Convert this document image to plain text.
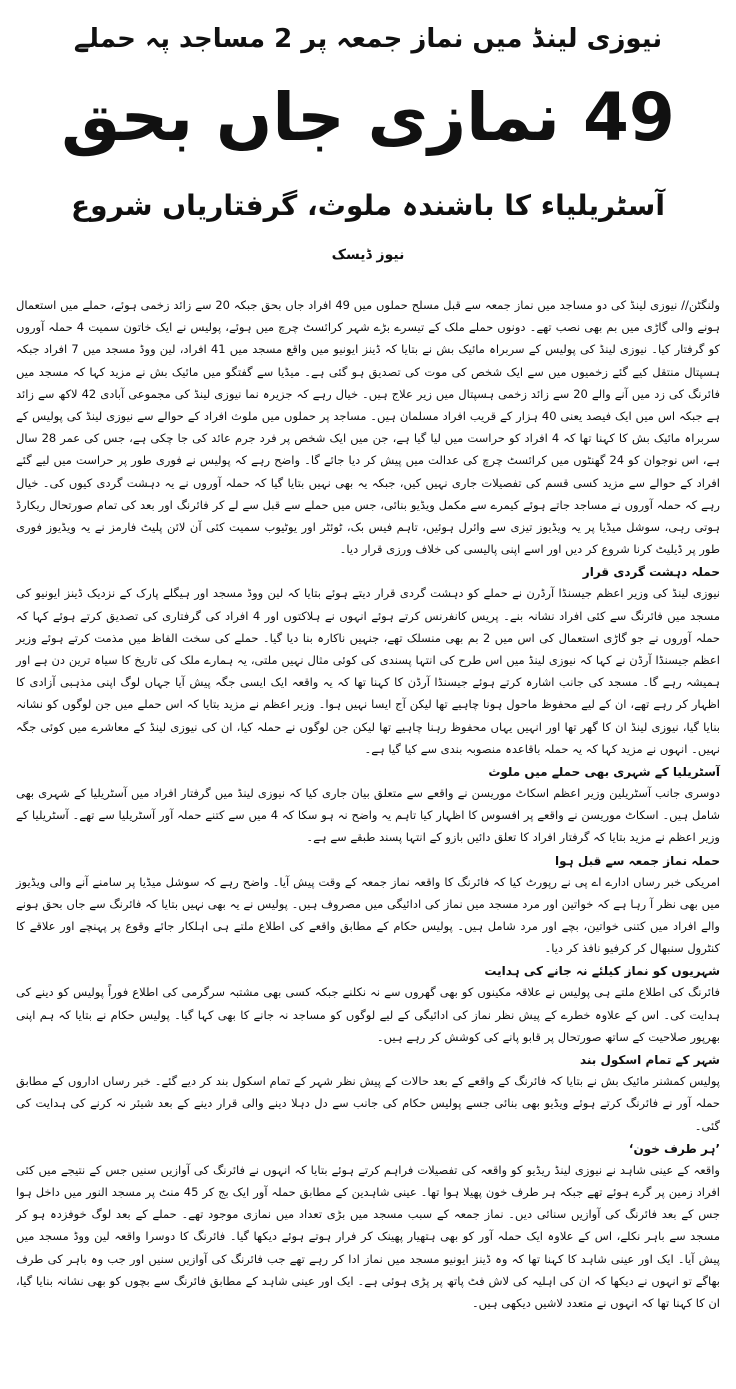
نیوزی لینڈ میں نماز جمعہ پر 2 مساجد پہ حملے
49 نمازی جاں بحق
آسٹریلیاء کا باشندہ ملوث، گرفتاریاں شروع
نیوز ڈیسک

ولنگٹن// نیوزی لینڈ کی دو مساجد میں نماز جمعہ سے قبل مسلح حملوں میں 49 افراد جاں بحق جبکہ 20 سے زائد زخمی ہوئے، حملے میں استعمال ہونے والی گاڑی میں بم بھی نصب تھے۔ دونوں حملے ملک کے تیسرے بڑے شہر کرائسٹ چرچ میں ہوئے، پولیس نے ایک خاتون سمیت 4 حملہ آوروں کو گرفتار کیا۔ نیوزی لینڈ کی پولیس کے سربراہ مائیک بش نے بتایا کہ ڈینز ایونیو میں واقع مسجد میں 41 افراد، لین ووڈ مسجد میں 7 افراد جبکہ ہسپتال منتقل کیے گئے زخمیوں میں سے ایک شخص کی موت کی تصدیق ہو گئی ہے۔ میڈیا سے گفتگو میں مائیک بش نے مزید کہا کہ مسجد میں فائرنگ کی زد میں آنے والے 20 سے زائد زخمی ہسپتال میں زیر علاج ہیں۔ خیال رہے کہ جزیرہ نما نیوزی لینڈ کی مجموعی آبادی 42 لاکھ سے زائد ہے جبکہ اس میں ایک فیصد یعنی 40 ہزار کے قریب افراد مسلمان ہیں۔ مساجد پر حملوں میں ملوث افراد کے حوالے سے نیوزی لینڈ کی پولیس کے سربراہ مائیک بش کا کہنا تھا کہ 4 افراد کو حراست میں لیا گیا ہے، جن میں ایک شخص پر فرد جرم عائد کی جا چکی ہے، جس کی عمر 28 سال ہے، اس نوجوان کو 24 گھنٹوں میں کرائسٹ چرچ کی عدالت میں پیش کر دیا جائے گا۔ واضح رہے کہ پولیس نے فوری طور پر حراست میں لیے گئے افراد کے حوالے سے مزید کسی قسم کی تفصیلات جاری نہیں کیں، جبکہ یہ بھی نہیں بتایا گیا کہ حملہ آوروں نے یہ دہشت گردی کیوں کی۔ خیال رہے کہ حملہ آوروں نے مساجد جاتے ہوئے کیمرے سے مکمل ویڈیو بنائی، جس میں حملے سے قبل سے لے کر فائرنگ اور بعد کی تمام صورتحال ریکارڈ ہوتی رہی، سوشل میڈیا پر یہ ویڈیوز تیزی سے وائرل ہوئیں، تاہم فیس بک، ٹوئٹر اور یوٹیوب سمیت کئی آن لائن پلیٹ فارمز نے یہ ویڈیوز فوری طور پر ڈیلیٹ کرنا شروع کر دیں اور اسے اپنی پالیسی کی خلاف ورزی قرار دیا۔

حملہ دہشت گردی قرار

نیوزی لینڈ کی وزیر اعظم جیسنڈا آرڈرن نے حملے کو دہشت گردی قرار دیتے ہوئے بتایا کہ لین ووڈ مسجد اور ہیگلے پارک کے نزدیک ڈینز ایونیو کی مسجد میں فائرنگ سے کئی افراد نشانہ بنے۔ پریس کانفرنس کرتے ہوئے انہوں نے ہلاکتوں اور 4 افراد کی گرفتاری کی تصدیق کرتے ہوئے کہا کہ حملہ آوروں نے جو گاڑی استعمال کی اس میں 2 بم بھی منسلک تھے، جنہیں ناکارہ بنا دیا گیا۔ حملے کی سخت الفاظ میں مذمت کرتے ہوئے وزیر اعظم جیسنڈا آرڈن نے کہا کہ نیوزی لینڈ میں اس طرح کی انتہا پسندی کی کوئی مثال نہیں ملتی، یہ ہمارے ملک کی تاریخ کا سیاہ ترین دن ہے اور ہمیشہ رہے گا۔ مسجد کی جانب اشارہ کرتے ہوئے جیسنڈا آرڈن کا کہنا تھا کہ یہ واقعہ ایک ایسی جگہ پیش آیا جہاں لوگ اپنی مذہبی آزادی کا اظہار کر رہے تھے، ان کے لیے محفوظ ماحول ہونا چاہیے تھا لیکن آج ایسا نہیں ہوا۔ وزیر اعظم نے مزید بتایا کہ اس حملے میں جن لوگوں کو نشانہ بنایا گیا، نیوزی لینڈ ان کا گھر تھا اور انہیں یہاں محفوظ رہنا چاہیے تھا لیکن جن لوگوں نے حملہ کیا، ان کی نیوزی لینڈ کے معاشرے میں کوئی جگہ نہیں۔ انہوں نے مزید کہا کہ یہ حملہ باقاعدہ منصوبہ بندی سے کیا گیا ہے۔

آسٹریلیا کے شہری بھی حملے میں ملوث

دوسری جانب آسٹریلین وزیر اعظم اسکاٹ موریسن نے واقعے سے متعلق بیان جاری کیا کہ نیوزی لینڈ میں گرفتار افراد میں آسٹریلیا کے شہری بھی شامل ہیں۔ اسکاٹ موریسن نے واقعے پر افسوس کا اظہار کیا تاہم یہ واضح نہ ہو سکا کہ 4 میں سے کتنے حملہ آور آسٹریلیا سے تھے۔ آسٹریلیا کے وزیر اعظم نے مزید بتایا کہ گرفتار افراد کا تعلق دائیں بازو کے انتہا پسند طبقے سے ہے۔

حملہ نماز جمعہ سے قبل ہوا

امریکی خبر رساں ادارے اے پی نے رپورٹ کیا کہ فائرنگ کا واقعہ نماز جمعہ کے وقت پیش آیا۔ واضح رہے کہ سوشل میڈیا پر سامنے آنے والی ویڈیوز میں بھی نظر آ رہا ہے کہ خواتین اور مرد مسجد میں نماز کی ادائیگی میں مصروف ہیں۔ پولیس نے یہ بھی نہیں بتایا کہ فائرنگ سے جاں بحق ہونے والے افراد میں کتنی خواتین، بچے اور مرد شامل ہیں۔ پولیس حکام کے مطابق واقعے کی اطلاع ملتے ہی اہلکار جائے وقوع پر پہنچے اور علاقے کا کنٹرول سنبھال کر کرفیو نافذ کر دیا۔

شہریوں کو نماز کیلئے نہ جانے کی ہدایت

فائرنگ کی اطلاع ملتے ہی پولیس نے علاقہ مکینوں کو بھی گھروں سے نہ نکلنے جبکہ کسی بھی مشتبہ سرگرمی کی اطلاع فوراً پولیس کو دینے کی ہدایت کی۔ اس کے علاوہ خطرے کے پیش نظر نماز کی ادائیگی کے لیے لوگوں کو مساجد نہ جانے کا بھی کہا گیا۔ پولیس حکام نے بتایا کہ ہم اپنی بھرپور صلاحیت کے ساتھ صورتحال پر قابو پانے کی کوشش کر رہے ہیں۔

شہر کے تمام اسکول بند

پولیس کمشنر مائیک بش نے بتایا کہ فائرنگ کے واقعے کے بعد حالات کے پیش نظر شہر کے تمام اسکول بند کر دیے گئے۔ خبر رساں اداروں کے مطابق حملہ آور نے فائرنگ کرتے ہوئے ویڈیو بھی بنائی جسے پولیس حکام کی جانب سے دل دہلا دینے والی قرار دینے کے بعد شیئر نہ کرنے کی ہدایت کی گئی۔

’ہر طرف خون‘

واقعہ کے عینی شاہد نے نیوزی لینڈ ریڈیو کو واقعہ کی تفصیلات فراہم کرتے ہوئے بتایا کہ انہوں نے فائرنگ کی آوازیں سنیں جس کے نتیجے میں کئی افراد زمین پر گرے ہوئے تھے جبکہ ہر طرف خون پھیلا ہوا تھا۔ عینی شاہدین کے مطابق حملہ آور ایک بج کر 45 منٹ پر مسجد النور میں داخل ہوا جس کے بعد فائرنگ کی آوازیں سنائی دیں۔ نماز جمعہ کے سبب مسجد میں بڑی تعداد میں نمازی موجود تھے۔ حملے کے بعد لوگ خوفزدہ ہو کر مسجد سے باہر نکلے، اس کے علاوہ ایک حملہ آور کو بھی ہتھیار پھینک کر فرار ہوتے ہوئے دیکھا گیا۔ فائرنگ کا دوسرا واقعہ لین ووڈ مسجد میں پیش آیا۔ ایک اور عینی شاہد کا کہنا تھا کہ وہ ڈینز ایونیو مسجد میں نماز ادا کر رہے تھے جب فائرنگ کی آوازیں سنیں اور جب وہ باہر کی طرف بھاگے تو انہوں نے دیکھا کہ ان کی اہلیہ کی لاش فٹ پاتھ پر پڑی ہوئی ہے۔ ایک اور عینی شاہد کے مطابق فائرنگ سے بچوں کو بھی نشانہ بنایا گیا، ان کا کہنا تھا کہ انہوں نے متعدد لاشیں دیکھی ہیں۔
